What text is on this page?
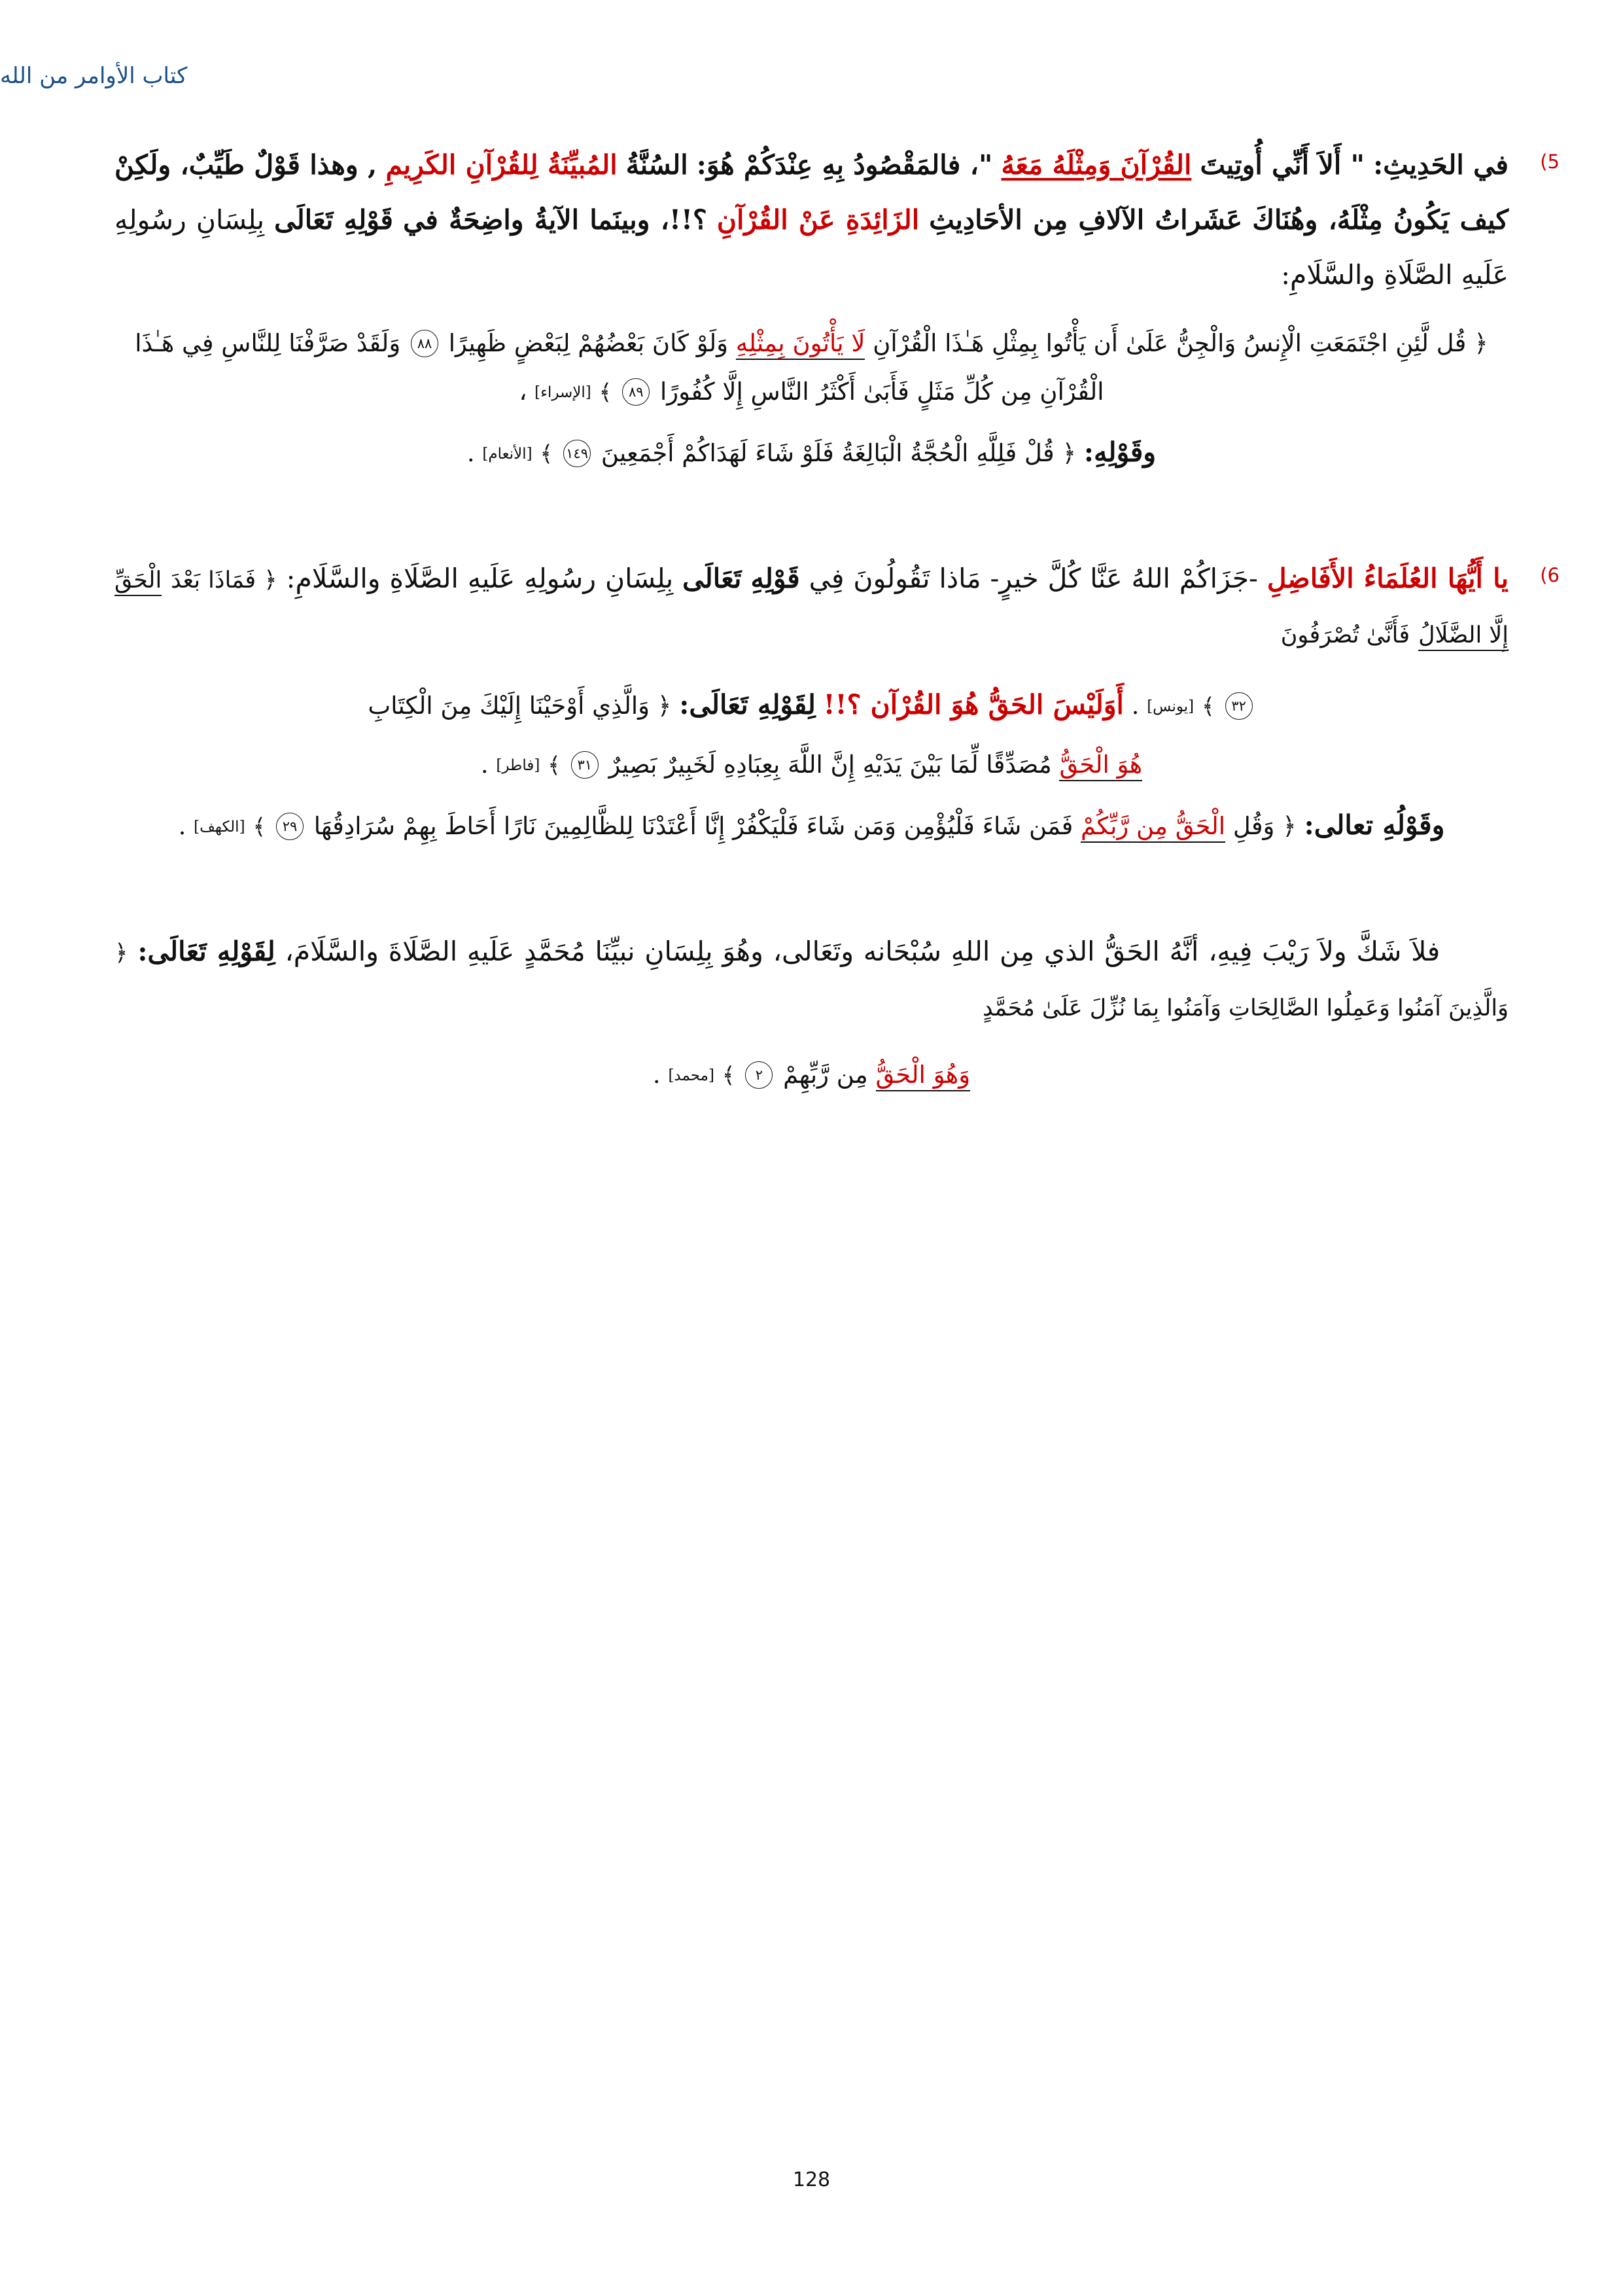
كتاب الأوامر من الله
5)
في الحَدِيثِ: " أَلاَ أَنِّي أُوتِيتَ القُرْآنَ وَمِثْلَهُ مَعَهُ "، فالمَقْصُودُ بِهِ عِنْدَكُمْ هُوَ: السُنَّةُ المُبيِّنَةُ لِلقُرْآنِ الكَرِيمِ , وهذا قَوْلٌ طَيِّبٌ، ولَكِنْ كيف يَكُونُ مِثْلَهُ، وهُنَاكَ عَشَراتُ الآلافِ مِن الأحَادِيثِ الزَائِدَةِ عَنْ القُرْآنِ ؟!!، وبينَما الآيةُ واضِحَةٌ في قَوْلِهِ تَعَالَى بِلِسَانِ رسُولِهِ عَلَيهِ الصَّلَاةِ والسَّلَامِ:
﴿ قُل لَّئِنِ اجْتَمَعَتِ الْإِنسُ وَالْجِنُّ عَلَىٰ أَن يَأْتُوا بِمِثْلِ هَـٰذَا الْقُرْآنِ لَا يَأْتُونَ بِمِثْلِهِ وَلَوْ كَانَ بَعْضُهُمْ لِبَعْضٍ ظَهِيرًا ٨٨ وَلَقَدْ صَرَّفْنَا لِلنَّاسِ فِي هَـٰذَا الْقُرْآنِ مِن كُلِّ مَثَلٍ فَأَبَىٰ أَكْثَرُ النَّاسِ إِلَّا كُفُورًا ٨٩ ﴾ [الإسراء] ،
وقَوْلِهِ: ﴿ قُلْ فَلِلَّهِ الْحُجَّةُ الْبَالِغَةُ فَلَوْ شَاءَ لَهَدَاكُمْ أَجْمَعِينَ ١٤٩ ﴾ [الأنعام] .
6)
يا أَيُّهَا العُلَمَاءُ الأَفَاضِلِ -جَزَاكُمْ اللهُ عَنَّا كُلَّ خيرٍ- مَاذا تَقُولُونَ فِي قَوْلِهِ تَعَالَى بِلِسَانِ رسُولِهِ عَلَيهِ الصَّلَاةِ والسَّلَامِ: ﴿ فَمَاذَا بَعْدَ الْحَقِّ إِلَّا الضَّلَالُ فَأَنَّىٰ تُصْرَفُونَ
٣٢ ﴾ [يونس] . أَوَلَيْسَ الحَقُّ هُوَ القُرْآن ؟!! لِقَوْلِهِ تَعَالَى: ﴿ وَالَّذِي أَوْحَيْنَا إِلَيْكَ مِنَ الْكِتَابِ
هُوَ الْحَقُّ مُصَدِّقًا لِّمَا بَيْنَ يَدَيْهِ إِنَّ اللَّهَ بِعِبَادِهِ لَخَبِيرٌ بَصِيرٌ ٣١ ﴾ [فاطر] .
وقَوْلُهِ تعالى: ﴿ وَقُلِ الْحَقُّ مِن رَّبِّكُمْ فَمَن شَاءَ فَلْيُؤْمِن وَمَن شَاءَ فَلْيَكْفُرْ إِنَّا أَعْتَدْنَا لِلظَّالِمِينَ نَارًا أَحَاطَ بِهِمْ سُرَادِقُهَا ٢٩ ﴾ [الكهف] .
فلاَ شَكَّ ولاَ رَيْبَ فِيهِ، أنَّهُ الحَقُّ الذي مِن اللهِ سُبْحَانه وتَعَالى، وهُوَ بِلِسَانِ نبيِّنَا مُحَمَّدٍ عَلَيهِ الصَّلَاةَ والسَّلَامَ، لِقَوْلِهِ تَعَالَى: ﴿ وَالَّذِينَ آمَنُوا وَعَمِلُوا الصَّالِحَاتِ وَآمَنُوا بِمَا نُزِّلَ عَلَىٰ مُحَمَّدٍ
وَهُوَ الْحَقُّ مِن رَّبِّهِمْ ٢ ﴾ [محمد] .
128
